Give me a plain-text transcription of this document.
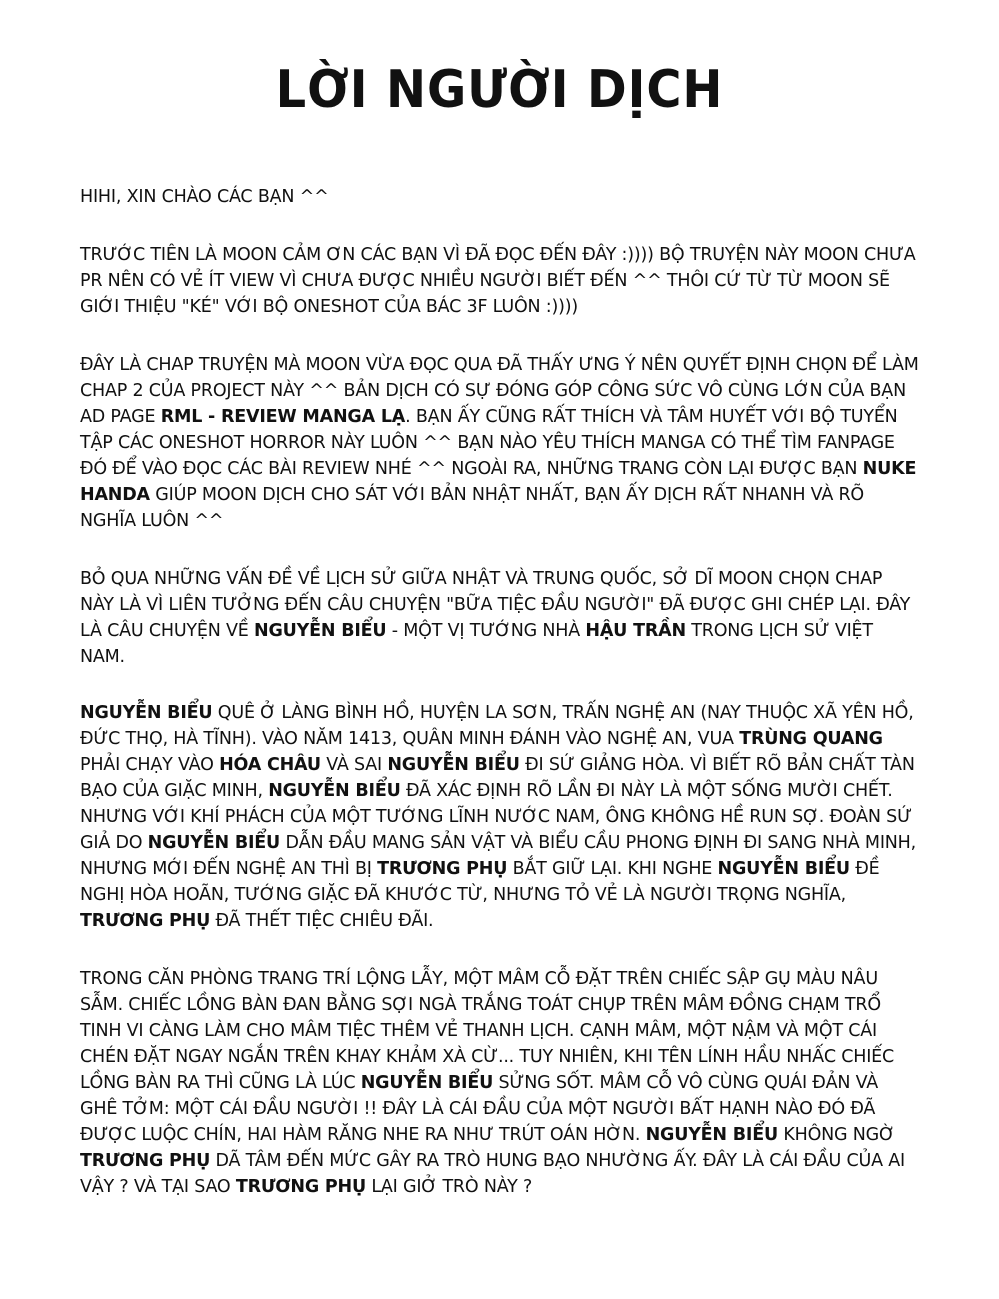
LỜI NGƯỜI DỊCH

HIHI, XIN CHÀO CÁC BẠN ^^

TRƯỚC TIÊN LÀ MOON CẢM ƠN CÁC BẠN VÌ ĐÃ ĐỌC ĐẾN ĐÂY :)))) BỘ TRUYỆN NÀY MOON CHƯA PR NÊN CÓ VẺ ÍT VIEW VÌ CHƯA ĐƯỢC NHIỀU NGƯỜI BIẾT ĐẾN ^^ THÔI CỨ TỪ TỪ MOON SẼ GIỚI THIỆU "KÉ" VỚI BỘ ONESHOT CỦA BÁC 3F LUÔN :))))

ĐÂY LÀ CHAP TRUYỆN MÀ MOON VỪA ĐỌC QUA ĐÃ THẤY ƯNG Ý NÊN QUYẾT ĐỊNH CHỌN ĐỂ LÀM CHAP 2 CỦA PROJECT NÀY ^^ BẢN DỊCH CÓ SỰ ĐÓNG GÓP CÔNG SỨC VÔ CÙNG LỚN CỦA BẠN AD PAGE RML - REVIEW MANGA LẠ. BẠN ẤY CŨNG RẤT THÍCH VÀ TÂM HUYẾT VỚI BỘ TUYỂN TẬP CÁC ONESHOT HORROR NÀY LUÔN ^^ BẠN NÀO YÊU THÍCH MANGA CÓ THỂ TÌM FANPAGE ĐÓ ĐỂ VÀO ĐỌC CÁC BÀI REVIEW NHÉ ^^ NGOÀI RA, NHỮNG TRANG CÒN LẠI ĐƯỢC BẠN NUKE HANDA GIÚP MOON DỊCH CHO SÁT VỚI BẢN NHẬT NHẤT, BẠN ẤY DỊCH RẤT NHANH VÀ RÕ NGHĨA LUÔN ^^

BỎ QUA NHỮNG VẤN ĐỀ VỀ LỊCH SỬ GIỮA NHẬT VÀ TRUNG QUỐC, SỞ DĨ MOON CHỌN CHAP NÀY LÀ VÌ LIÊN TƯỞNG ĐẾN CÂU CHUYỆN "BỮA TIỆC ĐẦU NGƯỜI" ĐÃ ĐƯỢC GHI CHÉP LẠI. ĐÂY LÀ CÂU CHUYỆN VỀ NGUYỄN BIỂU - MỘT VỊ TƯỚNG NHÀ HẬU TRẦN TRONG LỊCH SỬ VIỆT NAM.

NGUYỄN BIỂU QUÊ Ở LÀNG BÌNH HỒ, HUYỆN LA SƠN, TRẤN NGHỆ AN (NAY THUỘC XÃ YÊN HỒ, ĐỨC THỌ, HÀ TĨNH). VÀO NĂM 1413, QUÂN MINH ĐÁNH VÀO NGHỆ AN, VUA TRÙNG QUANG PHẢI CHẠY VÀO HÓA CHÂU VÀ SAI NGUYỄN BIỂU ĐI SỨ GIẢNG HÒA. VÌ BIẾT RÕ BẢN CHẤT TÀN BẠO CỦA GIẶC MINH, NGUYỄN BIỂU ĐÃ XÁC ĐỊNH RÕ LẦN ĐI NÀY LÀ MỘT SỐNG MƯỜI CHẾT. NHƯNG VỚI KHÍ PHÁCH CỦA MỘT TƯỚNG LĨNH NƯỚC NAM, ÔNG KHÔNG HỀ RUN SỢ. ĐOÀN SỨ GIẢ DO NGUYỄN BIỂU DẪN ĐẦU MANG SẢN VẬT VÀ BIỂU CẦU PHONG ĐỊNH ĐI SANG NHÀ MINH, NHƯNG MỚI ĐẾN NGHỆ AN THÌ BỊ TRƯƠNG PHỤ BẮT GIỮ LẠI. KHI NGHE NGUYỄN BIỂU ĐỀ NGHỊ HÒA HOÃN, TƯỚNG GIẶC ĐÃ KHƯỚC TỪ, NHƯNG TỎ VẺ LÀ NGƯỜI TRỌNG NGHĨA, TRƯƠNG PHỤ ĐÃ THẾT TIỆC CHIÊU ĐÃI.

TRONG CĂN PHÒNG TRANG TRÍ LỘNG LẪY, MỘT MÂM CỖ ĐẶT TRÊN CHIẾC SẬP GỤ MÀU NÂU SẪM. CHIẾC LỒNG BÀN ĐAN BẰNG SỢI NGÀ TRẮNG TOÁT CHỤP TRÊN MÂM ĐỒNG CHẠM TRỔ TINH VI CÀNG LÀM CHO MÂM TIỆC THÊM VẺ THANH LỊCH. CẠNH MÂM, MỘT NẬM VÀ MỘT CÁI CHÉN ĐẶT NGAY NGẮN TRÊN KHAY KHẢM XÀ CỪ... TUY NHIÊN, KHI TÊN LÍNH HẦU NHẤC CHIẾC LỒNG BÀN RA THÌ CŨNG LÀ LÚC NGUYỄN BIỂU SỬNG SỐT. MÂM CỖ VÔ CÙNG QUÁI ĐẢN VÀ GHÊ TỞM: MỘT CÁI ĐẦU NGƯỜI !! ĐÂY LÀ CÁI ĐẦU CỦA MỘT NGƯỜI BẤT HẠNH NÀO ĐÓ ĐÃ ĐƯỢC LUỘC CHÍN, HAI HÀM RĂNG NHE RA NHƯ TRÚT OÁN HỜN. NGUYỄN BIỂU KHÔNG NGỜ TRƯƠNG PHỤ DÃ TÂM ĐẾN MỨC GÂY RA TRÒ HUNG BẠO NHƯỜNG ẤY. ĐÂY LÀ CÁI ĐẦU CỦA AI VẬY ? VÀ TẠI SAO TRƯƠNG PHỤ LẠI GIỞ TRÒ NÀY ?
